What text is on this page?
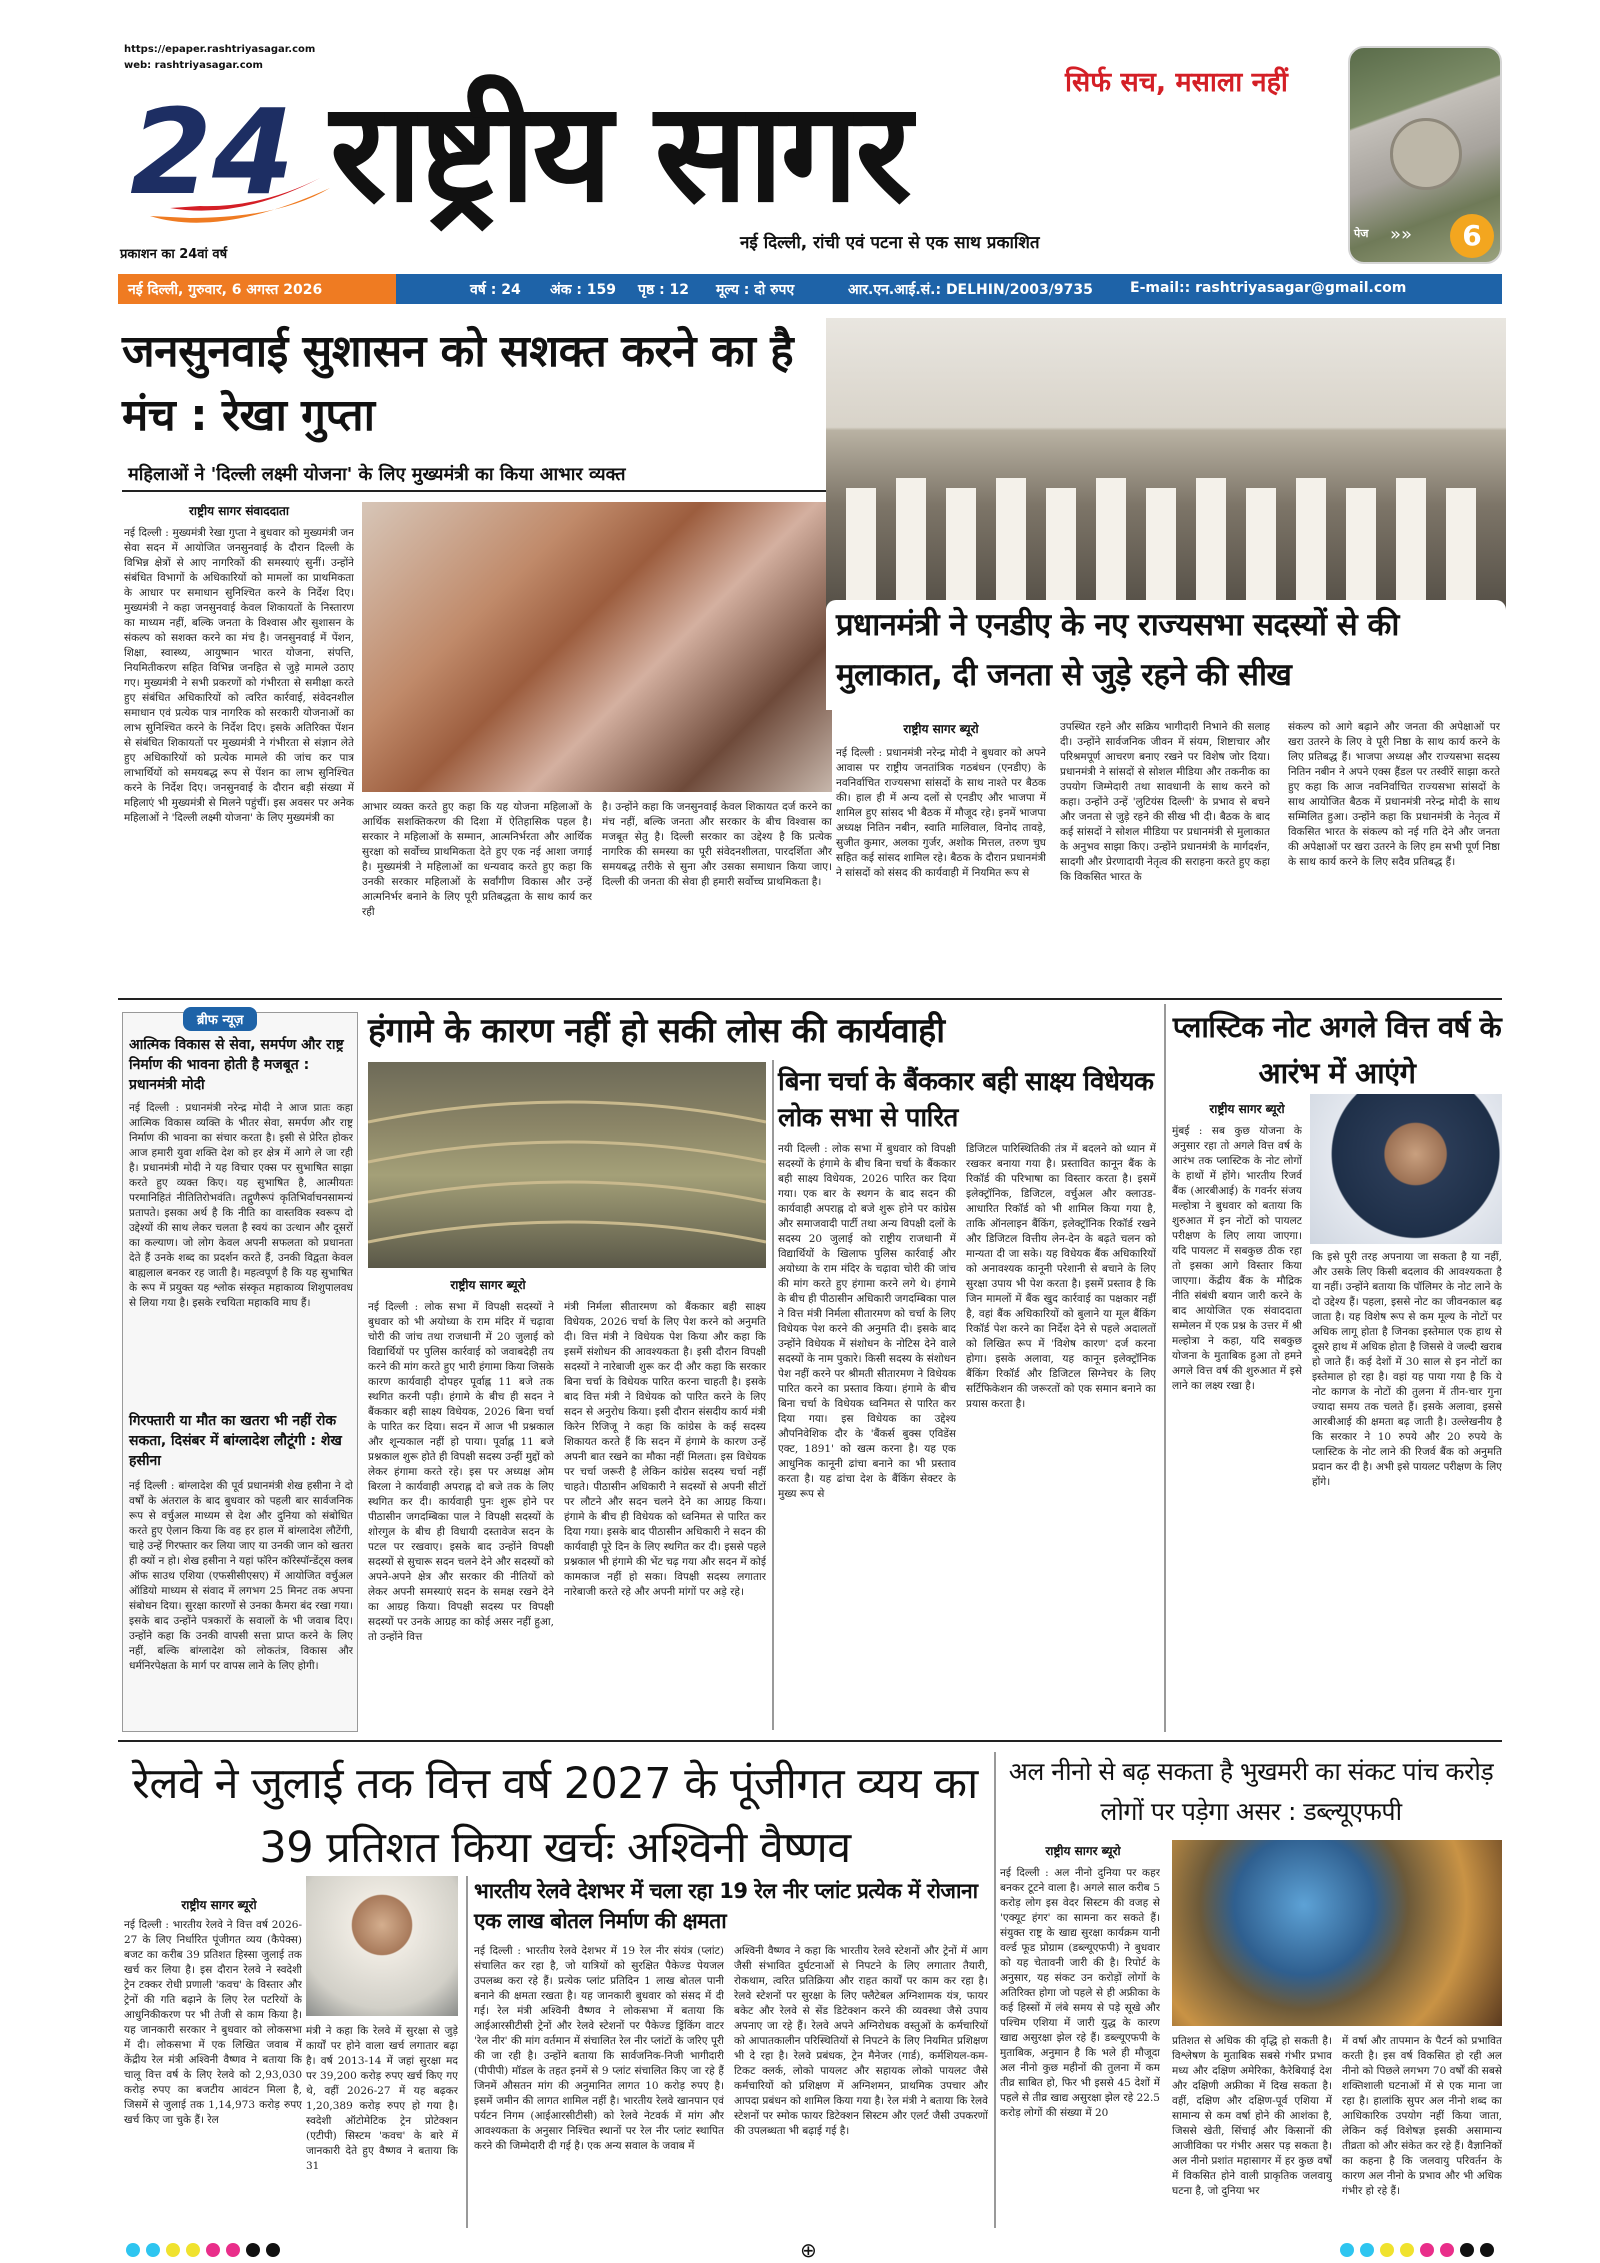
https://epaper.rashtriyasagar.com
web: rashtriyasagar.com
सिर्फ सच, मसाला नहीं
24 राष्ट्रीय सागर
प्रकाशन का 24वां वर्ष
नई दिल्ली, रांची एवं पटना से एक साथ प्रकाशित	पेज »»	6
नई दिल्ली, गुरुवार, 6 अगस्त 2026	वर्ष : 24 अंक : 159 पृष्ठ : 12 मूल्य : दो रुपए	आर.एन.आई.सं.: DELHIN/2003/9735	E-mail:: rashtriyasagar@gmail.com
जनसुनवाई सुशासन को सशक्त करने का है मंच : रेखा गुप्ता
महिलाओं ने 'दिल्ली लक्ष्मी योजना' के लिए मुख्यमंत्री का किया आभार व्यक्त
राष्ट्रीय सागर संवाददाता
नई दिल्ली : मुख्यमंत्री रेखा गुप्ता ने बुधवार को मुख्यमंत्री जन सेवा सदन में आयोजित जनसुनवाई के दौरान दिल्ली के विभिन्न क्षेत्रों से आए नागरिकों की समस्याएं सुनीं। उन्होंने संबंधित विभागों के अधिकारियों को मामलों का प्राथमिकता के आधार पर समाधान सुनिश्चित करने के निर्देश दिए। मुख्यमंत्री ने कहा जनसुनवाई केवल शिकायतों के निस्तारण का माध्यम नहीं, बल्कि जनता के विश्वास और सुशासन के संकल्प को सशक्त करने का मंच है। जनसुनवाई में पेंशन, शिक्षा, स्वास्थ्य, आयुष्मान भारत योजना, संपत्ति, नियमितीकरण सहित विभिन्न जनहित से जुड़े मामले उठाए गए। मुख्यमंत्री ने सभी प्रकरणों को गंभीरता से समीक्षा करते हुए संबंधित अधिकारियों को त्वरित कार्रवाई, संवेदनशील समाधान एवं प्रत्येक पात्र नागरिक को सरकारी योजनाओं का लाभ सुनिश्चित करने के निर्देश दिए। इसके अतिरिक्त पेंशन से संबंधित शिकायतों पर मुख्यमंत्री ने गंभीरता से संज्ञान लेते हुए अधिकारियों को प्रत्येक मामले की जांच कर पात्र लाभार्थियों को समयबद्ध रूप से पेंशन का लाभ सुनिश्चित करने के निर्देश दिए। जनसुनवाई के दौरान बड़ी संख्या में महिलाएं भी मुख्यमंत्री से मिलने पहुंचीं। इस अवसर पर अनेक महिलाओं ने 'दिल्ली लक्ष्मी योजना' के लिए मुख्यमंत्री का
आभार व्यक्त करते हुए कहा कि यह योजना महिलाओं के आर्थिक सशक्तिकरण की दिशा में ऐतिहासिक पहल है। सरकार ने महिलाओं के सम्मान, आत्मनिर्भरता और आर्थिक सुरक्षा को सर्वोच्च प्राथमिकता देते हुए एक नई आशा जगाई है। मुख्यमंत्री ने महिलाओं का धन्यवाद करते हुए कहा कि उनकी सरकार महिलाओं के सर्वांगीण विकास और उन्हें आत्मनिर्भर बनाने के लिए पूरी प्रतिबद्धता के साथ कार्य कर रही
है। उन्होंने कहा कि जनसुनवाई केवल शिकायत दर्ज करने का मंच नहीं, बल्कि जनता और सरकार के बीच विश्वास का मजबूत सेतु है। दिल्ली सरकार का उद्देश्य है कि प्रत्येक नागरिक की समस्या का पूरी संवेदनशीलता, पारदर्शिता और समयबद्ध तरीके से सुना और उसका समाधान किया जाए। दिल्ली की जनता की सेवा ही हमारी सर्वोच्च प्राथमिकता है।
प्रधानमंत्री ने एनडीए के नए राज्यसभा सदस्यों से की मुलाकात, दी जनता से जुड़े रहने की सीख
राष्ट्रीय सागर ब्यूरो
नई दिल्ली : प्रधानमंत्री नरेन्द्र मोदी ने बुधवार को अपने आवास पर राष्ट्रीय जनतांत्रिक गठबंधन (एनडीए) के नवनिर्वाचित राज्यसभा सांसदों के साथ नाश्ते पर बैठक की। हाल ही में अन्य दलों से एनडीए और भाजपा में शामिल हुए सांसद भी बैठक में मौजूद रहे। इनमें भाजपा अध्यक्ष नितिन नबीन, स्वाति मालिवाल, विनोद तावड़े, सुजीत कुमार, अलका गुर्जर, अशोक मित्तल, तरुण चुघ सहित कई सांसद शामिल रहे। बैठक के दौरान प्रधानमंत्री ने सांसदों को संसद की कार्यवाही में नियमित रूप से
उपस्थित रहने और सक्रिय भागीदारी निभाने की सलाह दी। उन्होंने सार्वजनिक जीवन में संयम, शिष्टाचार और परिश्रमपूर्ण आचरण बनाए रखने पर विशेष जोर दिया। प्रधानमंत्री ने सांसदों से सोशल मीडिया और तकनीक का उपयोग जिम्मेदारी तथा सावधानी के साथ करने को कहा। उन्होंने उन्हें 'लुटियंस दिल्ली' के प्रभाव से बचने और जनता से जुड़े रहने की सीख भी दी। बैठक के बाद कई सांसदों ने सोशल मीडिया पर प्रधानमंत्री से मुलाकात के अनुभव साझा किए। उन्होंने प्रधानमंत्री के मार्गदर्शन, सादगी और प्रेरणादायी नेतृत्व की सराहना करते हुए कहा कि विकसित भारत के
संकल्प को आगे बढ़ाने और जनता की अपेक्षाओं पर खरा उतरने के लिए वे पूरी निष्ठा के साथ कार्य करने के लिए प्रतिबद्ध हैं। भाजपा अध्यक्ष और राज्यसभा सदस्य नितिन नबीन ने अपने एक्स हैंडल पर तस्वीरें साझा करते हुए कहा कि आज नवनिर्वाचित राज्यसभा सांसदों के साथ आयोजित बैठक में प्रधानमंत्री नरेन्द्र मोदी के साथ सम्मिलित हुआ। उन्होंने कहा कि प्रधानमंत्री के नेतृत्व में विकसित भारत के संकल्प को नई गति देने और जनता की अपेक्षाओं पर खरा उतरने के लिए हम सभी पूर्ण निष्ठा के साथ कार्य करने के लिए सदैव प्रतिबद्ध हैं।
ब्रीफ न्यूज़
आत्मिक विकास से सेवा, समर्पण और राष्ट्र निर्माण की भावना होती है मजबूत : प्रधानमंत्री मोदी
नई दिल्ली : प्रधानमंत्री नरेन्द्र मोदी ने आज प्रातः कहा आत्मिक विकास व्यक्ति के भीतर सेवा, समर्पण और राष्ट्र निर्माण की भावना का संचार करता है। इसी से प्रेरित होकर आज हमारी युवा शक्ति देश को हर क्षेत्र में आगे ले जा रही है। प्रधानमंत्री मोदी ने यह विचार एक्स पर सुभाषित साझा करते हुए व्यक्त किए। यह सुभाषित है, आत्मीयतः परमानिहितं नीतितिरोभवंति। तद्गुणैरूपं कृतिभिर्वाचनसामन्यं प्रतापते। इसका अर्थ है कि नीति का वास्तविक स्वरूप दो उद्देश्यों की साथ लेकर चलता है स्वयं का उत्थान और दूसरों का कल्याण। जो लोग केवल अपनी सफलता को प्रधानता देते हैं उनके शब्द का प्रदर्शन करते हैं, उनकी विद्वता केवल बाह्यलाल बनकर रह जाती है। महत्वपूर्ण है कि यह सुभाषित के रूप में प्रयुक्त यह श्लोक संस्कृत महाकाव्य शिशुपालवध से लिया गया है। इसके रचयिता महाकवि माघ हैं।
गिरफ्तारी या मौत का खतरा भी नहीं रोक सकता, दिसंबर में बांग्लादेश लौटूंगी : शेख हसीना
नई दिल्ली : बांग्लादेश की पूर्व प्रधानमंत्री शेख हसीना ने दो वर्षों के अंतराल के बाद बुधवार को पहली बार सार्वजनिक रूप से वर्चुअल माध्यम से देश और दुनिया को संबोधित करते हुए ऐलान किया कि वह हर हाल में बांग्लादेश लौटेंगी, चाहे उन्हें गिरफ्तार कर लिया जाए या उनकी जान को खतरा ही क्यों न हो। शेख हसीना ने यहां फॉरेन कॉरेस्पॉन्डेंट्स क्लब ऑफ साउथ एशिया (एफसीसीएसए) में आयोजित वर्चुअल ऑडियो माध्यम से संवाद में लगभग 25 मिनट तक अपना संबोधन दिया। सुरक्षा कारणों से उनका कैमरा बंद रखा गया। इसके बाद उन्होंने पत्रकारों के सवालों के भी जवाब दिए। उन्होंने कहा कि उनकी वापसी सत्ता प्राप्त करने के लिए नहीं, बल्कि बांग्लादेश को लोकतंत्र, विकास और धर्मनिरपेक्षता के मार्ग पर वापस लाने के लिए होगी।
हंगामे के कारण नहीं हो सकी लोस की कार्यवाही
राष्ट्रीय सागर ब्यूरो
नई दिल्ली : लोक सभा में विपक्षी सदस्यों ने बुधवार को भी अयोध्या के राम मंदिर में चढ़ावा चोरी की जांच तथा राजधानी में 20 जुलाई को विद्यार्थियों पर पुलिस कार्रवाई को जवाबदेही तय करने की मांग करते हुए भारी हंगामा किया जिसके कारण कार्यवाही दोपहर पूर्वाह्न 11 बजे तक स्थगित करनी पड़ी। हंगामे के बीच ही सदन ने बैंककार बही साक्ष्य विधेयक, 2026 बिना चर्चा के पारित कर दिया। सदन में आज भी प्रश्नकाल और शून्यकाल नहीं हो पाया। पूर्वाह्न 11 बजे प्रश्नकाल शुरू होते ही विपक्षी सदस्य उन्हीं मुद्दों को लेकर हंगामा करते रहे। इस पर अध्यक्ष ओम बिरला ने कार्यवाही अपराह्न दो बजे तक के लिए स्थगित कर दी। कार्यवाही पुनः शुरू होने पर पीठासीन जगदम्बिका पाल ने विपक्षी सदस्यों के शोरगुल के बीच ही विधायी दस्तावेज सदन के पटल पर रखवाए। इसके बाद उन्होंने विपक्षी सदस्यों से सुचारू सदन चलने देने और सदस्यों को अपने-अपने क्षेत्र और सरकार की नीतियों को लेकर अपनी समस्याएं सदन के समक्ष रखने देने का आग्रह किया। विपक्षी सदस्य पर विपक्षी सदस्यों पर उनके आग्रह का कोई असर नहीं हुआ, तो उन्होंने वित्त
मंत्री निर्मला सीतारमण को बैंककार बही साक्ष्य विधेयक, 2026 चर्चा के लिए पेश करने को अनुमति दी। वित्त मंत्री ने विधेयक पेश किया और कहा कि इसमें संशोधन की आवश्यकता है। इसी दौरान विपक्षी सदस्यों ने नारेबाजी शुरू कर दी और कहा कि सरकार बिना चर्चा के विधेयक पारित करना चाहती है। इसके बाद वित्त मंत्री ने विधेयक को पारित करने के लिए सदन से अनुरोध किया। इसी दौरान संसदीय कार्य मंत्री किरेन रिजिजू ने कहा कि कांग्रेस के कई सदस्य शिकायत करते हैं कि सदन में हंगामे के कारण उन्हें अपनी बात रखने का मौका नहीं मिलता। इस विधेयक पर चर्चा जरूरी है लेकिन कांग्रेस सदस्य चर्चा नहीं चाहते। पीठासीन अधिकारी ने सदस्यों से अपनी सीटों पर लौटने और सदन चलने देने का आग्रह किया। हंगामे के बीच ही विधेयक को ध्वनिमत से पारित कर दिया गया। इसके बाद पीठासीन अधिकारी ने सदन की कार्यवाही पूरे दिन के लिए स्थगित कर दी। इससे पहले प्रश्नकाल भी हंगामे की भेंट चढ़ गया और सदन में कोई कामकाज नहीं हो सका। विपक्षी सदस्य लगातार नारेबाजी करते रहे और अपनी मांगों पर अड़े रहे।
बिना चर्चा के बैंककार बही साक्ष्य विधेयक लोक सभा से पारित
नयी दिल्ली : लोक सभा में बुधवार को विपक्षी सदस्यों के हंगामे के बीच बिना चर्चा के बैंककार बही साक्ष्य विधेयक, 2026 पारित कर दिया गया। एक बार के स्थगन के बाद सदन की कार्यवाही अपराह्न दो बजे शुरू होने पर कांग्रेस और समाजवादी पार्टी तथा अन्य विपक्षी दलों के सदस्य 20 जुलाई को राष्ट्रीय राजधानी में विद्यार्थियों के खिलाफ पुलिस कार्रवाई और अयोध्या के राम मंदिर के चढ़ावा चोरी की जांच की मांग करते हुए हंगामा करने लगे थे। हंगामे के बीच ही पीठासीन अधिकारी जगदम्बिका पाल ने वित्त मंत्री निर्मला सीतारमण को चर्चा के लिए विधेयक पेश करने की अनुमति दी। इसके बाद उन्होंने विधेयक में संशोधन के नोटिस देने वाले सदस्यों के नाम पुकारे। किसी सदस्य के संशोधन पेश नहीं करने पर श्रीमती सीतारमण ने विधेयक पारित करने का प्रस्ताव किया। हंगामे के बीच बिना चर्चा के विधेयक ध्वनिमत से पारित कर दिया गया। इस विधेयक का उद्देश्य औपनिवेशिक दौर के 'बैंकर्स बुक्स एविडेंस एक्ट, 1891' को खत्म करना है। यह एक आधुनिक कानूनी ढांचा बनाने का भी प्रस्ताव करता है। यह ढांचा देश के बैंकिंग सेक्टर के मुख्य रूप से
डिजिटल पारिस्थितिकी तंत्र में बदलने को ध्यान में रखकर बनाया गया है। प्रस्तावित कानून बैंक के रिकॉर्ड की परिभाषा का विस्तार करता है। इसमें इलेक्ट्रॉनिक, डिजिटल, वर्चुअल और क्लाउड-आधारित रिकॉर्ड को भी शामिल किया गया है, ताकि ऑनलाइन बैंकिंग, इलेक्ट्रॉनिक रिकॉर्ड रखने और डिजिटल वित्तीय लेन-देन के बढ़ते चलन को मान्यता दी जा सके। यह विधेयक बैंक अधिकारियों को अनावश्यक कानूनी परेशानी से बचाने के लिए सुरक्षा उपाय भी पेश करता है। इसमें प्रस्ताव है कि जिन मामलों में बैंक खुद कार्रवाई का पक्षकार नहीं है, वहां बैंक अधिकारियों को बुलाने या मूल बैंकिंग रिकॉर्ड पेश करने का निर्देश देने से पहले अदालतों को लिखित रूप में 'विशेष कारण' दर्ज करना होगा। इसके अलावा, यह कानून इलेक्ट्रॉनिक बैंकिंग रिकॉर्ड और डिजिटल सिग्नेचर के लिए सर्टिफिकेशन की जरूरतों को एक समान बनाने का प्रयास करता है।
प्लास्टिक नोट अगले वित्त वर्ष के आरंभ में आएंगे
राष्ट्रीय सागर ब्यूरो
मुंबई : सब कुछ योजना के अनुसार रहा तो अगले वित्त वर्ष के आरंभ तक प्लास्टिक के नोट लोगों के हाथों में होंगे। भारतीय रिजर्व बैंक (आरबीआई) के गवर्नर संजय मल्होत्रा ने बुधवार को बताया कि शुरुआत में इन नोटों को पायलट परीक्षण के लिए लाया जाएगा। यदि पायलट में सबकुछ ठीक रहा तो इसका आगे विस्तार किया जाएगा। केंद्रीय बैंक के मौद्रिक नीति संबंधी बयान जारी करने के बाद आयोजित एक संवाददाता सम्मेलन में एक प्रश्न के उत्तर में श्री मल्होत्रा ने कहा, यदि सबकुछ योजना के मुताबिक हुआ तो हमने अगले वित्त वर्ष की शुरुआत में इसे लाने का लक्ष्य रखा है।
कि इसे पूरी तरह अपनाया जा सकता है या नहीं, और उसके लिए किसी बदलाव की आवश्यकता है या नहीं। उन्होंने बताया कि पॉलिमर के नोट लाने के दो उद्देश्य हैं। पहला, इससे नोट का जीवनकाल बढ़ जाता है। यह विशेष रूप से कम मूल्य के नोटों पर अधिक लागू होता है जिनका इस्तेमाल एक हाथ से दूसरे हाथ में अधिक होता है जिससे वे जल्दी खराब हो जाते हैं। कई देशों में 30 साल से इन नोटों का इस्तेमाल हो रहा है। वहां यह पाया गया है कि ये नोट कागज के नोटों की तुलना में तीन-चार गुना ज्यादा समय तक चलते हैं। इसके अलावा, इससे आरबीआई की क्षमता बढ़ जाती है। उल्लेखनीय है कि सरकार ने 10 रुपये और 20 रुपये के प्लास्टिक के नोट लाने की रिजर्व बैंक को अनुमति प्रदान कर दी है। अभी इसे पायलट परीक्षण के लिए होंगे।
रेलवे ने जुलाई तक वित्त वर्ष 2027 के पूंजीगत व्यय का 39 प्रतिशत किया खर्चः अश्विनी वैष्णव
राष्ट्रीय सागर ब्यूरो
नई दिल्ली : भारतीय रेलवे ने वित्त वर्ष 2026-27 के लिए निर्धारित पूंजीगत व्यय (कैपेक्स) बजट का करीब 39 प्रतिशत हिस्सा जुलाई तक खर्च कर लिया है। इस दौरान रेलवे ने स्वदेशी ट्रेन टक्कर रोधी प्रणाली 'कवच' के विस्तार और ट्रेनों की गति बढ़ाने के लिए रेल पटरियों के आधुनिकीकरण पर भी तेजी से काम किया है। यह जानकारी सरकार ने बुधवार को लोकसभा में दी। लोकसभा में एक लिखित जवाब में केंद्रीय रेल मंत्री अश्विनी वैष्णव ने बताया कि चालू वित्त वर्ष के लिए रेलवे को 2,93,030 करोड़ रुपए का बजटीय आवंटन मिला है, जिसमें से जुलाई तक 1,14,973 करोड़ रुपए खर्च किए जा चुके हैं। रेल
मंत्री ने कहा कि रेलवे में सुरक्षा से जुड़े कार्यों पर होने वाला खर्च लगातार बढ़ा है। वर्ष 2013-14 में जहां सुरक्षा मद पर 39,200 करोड़ रुपए खर्च किए गए थे, वहीं 2026-27 में यह बढ़कर 1,20,389 करोड़ रुपए हो गया है। स्वदेशी ऑटोमेटिक ट्रेन प्रोटेक्शन (एटीपी) सिस्टम 'कवच' के बारे में जानकारी देते हुए वैष्णव ने बताया कि 31
भारतीय रेलवे देशभर में चला रहा 19 रेल नीर प्लांट प्रत्येक में रोजाना एक लाख बोतल निर्माण की क्षमता
नई दिल्ली : भारतीय रेलवे देशभर में 19 रेल नीर संयंत्र (प्लांट) संचालित कर रहा है, जो यात्रियों को सुरक्षित पैकेज्ड पेयजल उपलब्ध करा रहे हैं। प्रत्येक प्लांट प्रतिदिन 1 लाख बोतल पानी बनाने की क्षमता रखता है। यह जानकारी बुधवार को संसद में दी गई। रेल मंत्री अश्विनी वैष्णव ने लोकसभा में बताया कि आईआरसीटीसी ट्रेनों और रेलवे स्टेशनों पर पैकेज्ड ड्रिंकिंग वाटर 'रेल नीर' की मांग वर्तमान में संचालित रेल नीर प्लांटों के जरिए पूरी की जा रही है। उन्होंने बताया कि सार्वजनिक-निजी भागीदारी (पीपीपी) मॉडल के तहत इनमें से 9 प्लांट संचालित किए जा रहे हैं जिनमें औसतन मांग की अनुमानित लागत 10 करोड़ रुपए है। इसमें जमीन की लागत शामिल नहीं है। भारतीय रेलवे खानपान एवं पर्यटन निगम (आईआरसीटीसी) को रेलवे नेटवर्क में मांग और आवश्यकता के अनुसार निश्चित स्थानों पर रेल नीर प्लांट स्थापित करने की जिम्मेदारी दी गई है। एक अन्य सवाल के जवाब में
अश्विनी वैष्णव ने कहा कि भारतीय रेलवे स्टेशनों और ट्रेनों में आग जैसी संभावित दुर्घटनाओं से निपटने के लिए लगातार तैयारी, रोकथाम, त्वरित प्रतिक्रिया और राहत कार्यों पर काम कर रहा है। रेलवे स्टेशनों पर सुरक्षा के लिए फ्लैटेबल अग्निशामक यंत्र, फायर बकेट और रेलवे से सेंड डिटेक्शन करने की व्यवस्था जैसे उपाय अपनाए जा रहे हैं। रेलवे अपने अग्निरोधक वस्तुओं के कर्मचारियों को आपातकालीन परिस्थितियों से निपटने के लिए नियमित प्रशिक्षण भी दे रहा है। रेलवे प्रबंधक, ट्रेन मैनेजर (गार्ड), कर्मशियल-कम-टिकट क्लर्क, लोको पायलट और सहायक लोको पायलट जैसे कर्मचारियों को प्रशिक्षण में अग्निशमन, प्राथमिक उपचार और आपदा प्रबंधन को शामिल किया गया है। रेल मंत्री ने बताया कि रेलवे स्टेशनों पर स्मोक फायर डिटेक्शन सिस्टम और एलर्ट जैसी उपकरणों की उपलब्धता भी बढ़ाई गई है।
अल नीनो से बढ़ सकता है भुखमरी का संकट पांच करोड़ लोगों पर पड़ेगा असर : डब्ल्यूएफपी
राष्ट्रीय सागर ब्यूरो
नई दिल्ली : अल नीनो दुनिया पर कहर बनकर टूटने वाला है। अगले साल करीब 5 करोड़ लोग इस वेदर सिस्टम की वजह से 'एक्यूट हंगर' का सामना कर सकते हैं। संयुक्त राष्ट्र के खाद्य सुरक्षा कार्यक्रम यानी वर्ल्ड फूड प्रोग्राम (डब्ल्यूएफपी) ने बुधवार को यह चेतावनी जारी की है। रिपोर्ट के अनुसार, यह संकट उन करोड़ों लोगों के अतिरिक्त होगा जो पहले से ही अफ्रीका के कई हिस्सों में लंबे समय से पड़े सूखे और पश्चिम एशिया में जारी युद्ध के कारण खाद्य असुरक्षा झेल रहे हैं। डब्ल्यूएफपी के मुताबिक, अनुमान है कि भले ही मौजूदा अल नीनो कुछ महीनों की तुलना में कम तीव्र साबित हो, फिर भी इससे 45 देशों में पहले से तीव्र खाद्य असुरक्षा झेल रहे 22.5 करोड़ लोगों की संख्या में 20
प्रतिशत से अधिक की वृद्धि हो सकती है। विश्लेषण के मुताबिक सबसे गंभीर प्रभाव मध्य और दक्षिण अमेरिका, कैरेबियाई देश और दक्षिणी अफ्रीका में दिख सकता है। वहीं, दक्षिण और दक्षिण-पूर्व एशिया में सामान्य से कम वर्षा होने की आशंका है, जिससे खेती, सिंचाई और किसानों की आजीविका पर गंभीर असर पड़ सकता है। अल नीनो प्रशांत महासागर में हर कुछ वर्षों में विकसित होने वाली प्राकृतिक जलवायु घटना है, जो दुनिया भर
में वर्षा और तापमान के पैटर्न को प्रभावित करती है। इस वर्ष विकसित हो रही अल नीनो को पिछले लगभग 70 वर्षों की सबसे शक्तिशाली घटनाओं में से एक माना जा रहा है। हालांकि सुपर अल नीनो शब्द का आधिकारिक उपयोग नहीं किया जाता, लेकिन कई विशेषज्ञ इसकी असामान्य तीव्रता को और संकेत कर रहे हैं। वैज्ञानिकों का कहना है कि जलवायु परिवर्तन के कारण अल नीनो के प्रभाव और भी अधिक गंभीर हो रहे हैं।
⊕
